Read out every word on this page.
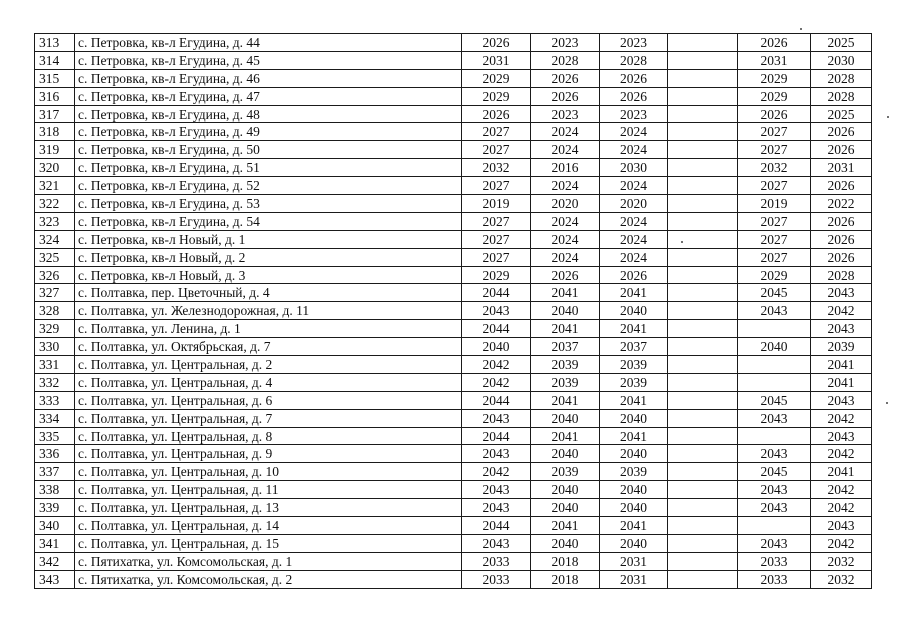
313	с. Петровка, кв-л Егудина, д. 44	2026	2023	2023		2026	2025
314	с. Петровка, кв-л Егудина, д. 45	2031	2028	2028		2031	2030
315	с. Петровка, кв-л Егудина, д. 46	2029	2026	2026		2029	2028
316	с. Петровка, кв-л Егудина, д. 47	2029	2026	2026		2029	2028
317	с. Петровка, кв-л Егудина, д. 48	2026	2023	2023		2026	2025
318	с. Петровка, кв-л Егудина, д. 49	2027	2024	2024		2027	2026
319	с. Петровка, кв-л Егудина, д. 50	2027	2024	2024		2027	2026
320	с. Петровка, кв-л Егудина, д. 51	2032	2016	2030		2032	2031
321	с. Петровка, кв-л Егудина, д. 52	2027	2024	2024		2027	2026
322	с. Петровка, кв-л Егудина, д. 53	2019	2020	2020		2019	2022
323	с. Петровка, кв-л Егудина, д. 54	2027	2024	2024		2027	2026
324	с. Петровка, кв-л Новый, д. 1	2027	2024	2024		2027	2026
325	с. Петровка, кв-л Новый, д. 2	2027	2024	2024		2027	2026
326	с. Петровка, кв-л Новый, д. 3	2029	2026	2026		2029	2028
327	с. Полтавка, пер. Цветочный, д. 4	2044	2041	2041		2045	2043
328	с. Полтавка, ул. Железнодорожная, д. 11	2043	2040	2040		2043	2042
329	с. Полтавка, ул. Ленина, д. 1	2044	2041	2041			2043
330	с. Полтавка, ул. Октябрьская, д. 7	2040	2037	2037		2040	2039
331	с. Полтавка, ул. Центральная, д. 2	2042	2039	2039			2041
332	с. Полтавка, ул. Центральная, д. 4	2042	2039	2039			2041
333	с. Полтавка, ул. Центральная, д. 6	2044	2041	2041		2045	2043
334	с. Полтавка, ул. Центральная, д. 7	2043	2040	2040		2043	2042
335	с. Полтавка, ул. Центральная, д. 8	2044	2041	2041			2043
336	с. Полтавка, ул. Центральная, д. 9	2043	2040	2040		2043	2042
337	с. Полтавка, ул. Центральная, д. 10	2042	2039	2039		2045	2041
338	с. Полтавка, ул. Центральная, д. 11	2043	2040	2040		2043	2042
339	с. Полтавка, ул. Центральная, д. 13	2043	2040	2040		2043	2042
340	с. Полтавка, ул. Центральная, д. 14	2044	2041	2041			2043
341	с. Полтавка, ул. Центральная, д. 15	2043	2040	2040		2043	2042
342	с. Пятихатка, ул. Комсомольская, д. 1	2033	2018	2031		2033	2032
343	с. Пятихатка, ул. Комсомольская, д. 2	2033	2018	2031		2033	2032
